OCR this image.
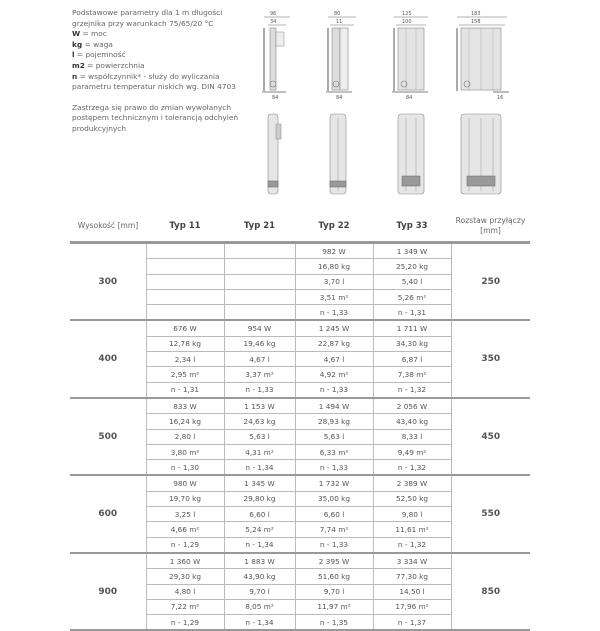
Podstawowe parametry dla 1 m długości grzejnika przy warunkach 75/65/20 °C

W = moc

kg = waga

l = pojemność

m2 = powierzchnia

n = współczynnik* - służy do wyliczania parametru temperatur niskich wg. DIN 4703

Zastrzega się prawo do zmian wywołanych postępem technicznym i tolerancją odchyleń produkcyjnych

96
34
84
80
11
84
125
100
84
183
158
16
Wysokość [mm]	Typ 11	Typ 21	Typ 22	Typ 33	Rozstaw przyłączy [mm]
300			982 W	1 349 W	250
			16,80 kg	25,20 kg	
			3,70 l	5,40 l	
			3,51 m²	5,26 m²	
			n - 1,33	n - 1,31	
400	676 W	954 W	1 245 W	1 711 W	350
	12,78 kg	19,46 kg	22,87 kg	34,30 kg	
	2,34 l	4,67 l	4,67 l	6,87 l	
	2,95 m²	3,37 m²	4,92 m²	7,38 m²	
	n - 1,31	n - 1,33	n - 1,33	n - 1,32	
500	833 W	1 153 W	1 494 W	2 056 W	450
	16,24 kg	24,63 kg	28,93 kg	43,40 kg	
	2,80 l	5,63 l	5,63 l	8,33 l	
	3,80 m²	4,31 m²	6,33 m²	9,49 m²	
	n - 1,30	n - 1,34	n - 1,33	n - 1,32	
600	980 W	1 345 W	1 732 W	2 389 W	550
	19,70 kg	29,80 kg	35,00 kg	52,50 kg	
	3,25 l	6,60 l	6,60 l	9,80 l	
	4,66 m²	5,24 m²	7,74 m²	11,61 m²	
	n - 1,29	n - 1,34	n - 1,33	n - 1,32	
900	1 360 W	1 883 W	2 395 W	3 334 W	850
	29,30 kg	43,90 kg	51,60 kg	77,30 kg	
	4,80 l	9,70 l	9,70 l	14,50 l	
	7,22 m²	8,05 m²	11,97 m²	17,96 m²	
	n - 1,29	n - 1,34	n - 1,35	n - 1,37	
